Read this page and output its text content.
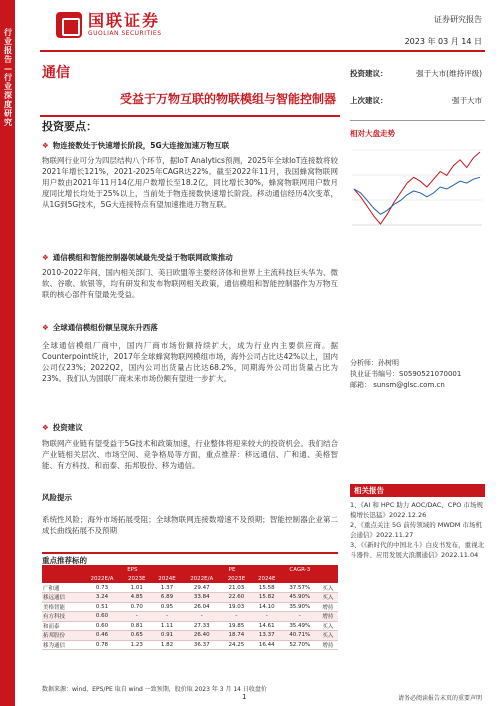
行业报告—行业深度研究
国联证券
GUOLIAN SECURITIES
证券研究报告
2023 年 03 月 14 日
通信
受益于万物互联的物联模组与智能控制器
投资要点：
❖ 物连接数处于快速增长阶段，5G大连接加速万物互联
物联网行业可分为四层结构八个环节，据IoT Analytics预测，2025年全球IoT连接数将较2021年增长121%，2021-2025年CAGR达22%。截至2022年11月，我国蜂窝物联网用户数由2021年11月14亿用户数增长至18.2亿，同比增长30%，蜂窝物联网用户数月度同比增长均处于25%以上，当前处于物连接数快速增长阶段。移动通信经历4次变革，从1G到5G技术，5G大连接特点有望加速推进万物互联。
❖ 通信模组和智能控制器领域最先受益于物联网政策推动
2010-2022年间，国内相关部门、美日欧盟等主要经济体和世界上主流科技巨头华为、微软、谷歌、软银等，均有研发和发布物联网相关政策，通信模组和智能控制器作为万物互联的核心部件有望最先受益。
❖ 全球通信模组份额呈现东升西落
全球通信模组厂商中，国内厂商市场份额持续扩大，成为行业内主要供应商。据Counterpoint统计，2017年全球蜂窝物联网模组市场，海外公司占比达42%以上，国内公司仅23%；2022Q2，国内公司出货量占比达68.2%，同期海外公司出货量占比为23%。我们认为国联厂商未来市场份额有望进一步扩大。
❖ 投资建议
物联网产业链有望受益于5G技术和政策加速，行业整体将迎来较大的投资机会。我们结合产业链相关层次、市场空间、竞争格局等方面，重点推荐：移远通信、广和通、美格智能、有方科技、和而泰、拓邦股份、移为通信。
风险提示
系统性风险；海外市场拓展受阻；全球物联网连接数增速不及预期；智能控制器企业第二成长曲线拓展不及预期
投资建议：	强于大市(维持评级)
上次建议：	强于大市
相对大盘走势
分析师：孙树明
执业证书编号：S0590521070001
邮箱： sunsm@glsc.com.cn
相关报告
1、《AI 和 HPC 助力 AOC/DAC、CPO 市场规模增长迅猛》2022.12.26
2、《重点关注 5G 前传领域的 MWDM 市场机会通信》2022.11.27
3、《《新时代的中国北斗》白皮书发布，重视北斗器件、应用发展大浪潮通信》2022.11.04
重点推荐标的
		EPS			PE			CAGR-3	
		2022E/A	2023E	2024E	2022E/A	2023E	2024E		
广和通		0.73	1.01	1.37	29.47	21.03	15.58	37.57%	买入
移远通信		3.24	4.85	6.89	33.84	22.60	15.82	45.90%	买入
美格智能		0.51	0.70	0.95	26.04	19.03	14.10	35.90%	增持
有方科技		0.60	-	-	-	-	-	-	增持
和而泰		0.60	0.81	1.11	27.33	19.85	14.61	35.49%	买入
拓邦股份		0.46	0.65	0.91	26.40	18.74	13.37	40.71%	买入
移为通信		0.78	1.23	1.82	36.37	24.25	16.44	52.70%	增持
数据来源：wind，EPS/PE 取自 wind 一致预期，股价取 2023 年 3 月 14 日收盘价
1	请务必阅读报告末页的重要声明
